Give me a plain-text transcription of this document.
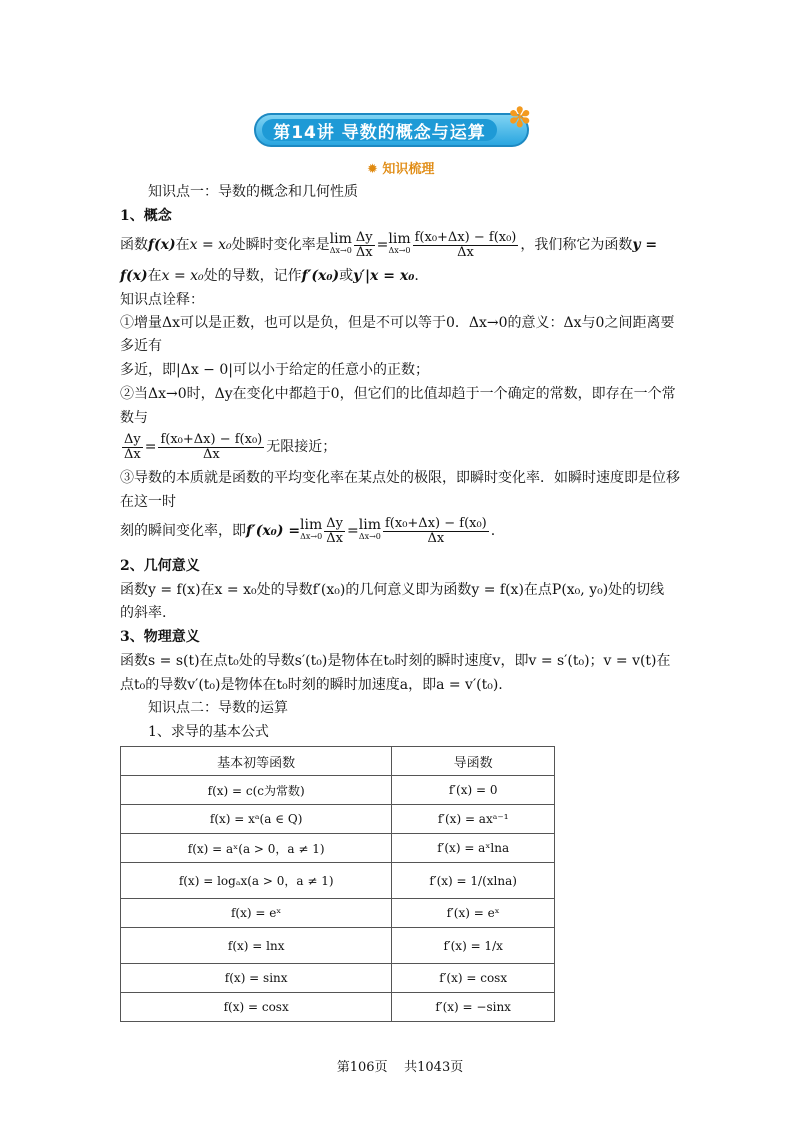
第14讲 导数的概念与运算 ✽
✹ 知识梳理
知识点一：导数的概念和几何性质
1、概念
函数 f(x) 在 x = x₀ 处瞬时变化率是 lim
$\Delta x\to 0 \frac{\Delta y}{\Delta x} = \lim$
$\Delta x\to 0 \frac{\text{f(x₀+Δx) − f(x₀)}}{\Delta x}$ ，我们称它为函数 y =
f(x)在x = x₀处的导数，记作f′(x₀)或y′|x = x₀.
知识点诠释：
①增量Δx可以是正数，也可以是负，但是不可以等于0．Δx→0的意义：Δx与0之间距离要
多近有
多近，即|Δx − 0|可以小于给定的任意小的正数；
②当Δx→0时，Δy在变化中都趋于0，但它们的比值却趋于一个确定的常数，即存在一个常
数与
$\frac{\Delta y}{\Delta x} = \frac{\text{f(x₀+Δx) − f(x₀)}}{\Delta x}$ 无限接近；
③导数的本质就是函数的平均变化率在某点处的极限，即瞬时变化率．如瞬时速度即是位移
在这一时
刻的瞬间变化率，即 f′(x₀) = lim
$\Delta x\to 0 \frac{\Delta y}{\Delta x} = \lim$
$\Delta x\to 0 \frac{\text{f(x₀+Δx) − f(x₀)}}{\Delta x}$ .
2、几何意义
函数y = f(x)在x = x₀处的导数f′(x₀)的几何意义即为函数y = f(x)在点P(x₀, y₀)处的切线
的斜率.
3、物理意义
函数s = s(t)在点t₀处的导数s′(t₀)是物体在t₀时刻的瞬时速度v，即v = s′(t₀)；v = v(t)在
点t₀的导数v′(t₀)是物体在t₀时刻的瞬时加速度a，即a = v′(t₀).
知识点二：导数的运算
1、求导的基本公式
基本初等函数	导函数
f(x) = c(c为常数)	f′(x) = 0
f(x) = xᵃ(a ∈ Q)	f′(x) = axᵃ⁻¹
f(x) = aˣ(a > 0，a ≠ 1)	f′(x) = aˣlna
f(x) = logₐx(a > 0，a ≠ 1)	f′(x) = 1/(xlna)
f(x) = eˣ	f′(x) = eˣ
f(x) = lnx	f′(x) = 1/x
f(x) = sinx	f′(x) = cosx
f(x) = cosx	f′(x) = −sinx
第106页 共1043页
